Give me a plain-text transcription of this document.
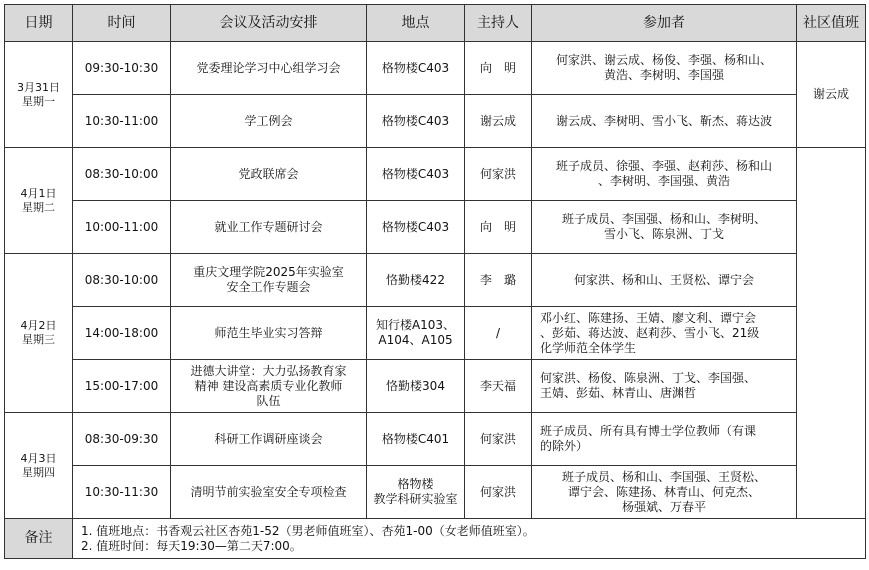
日期	时间	会议及活动安排	地点	主持人	参加者	社区值班	

3月31日
星期一	09:30-10:30	党委理论学习中心组学习会	格物楼C403	向　明	何家洪、谢云成、杨俊、李强、杨和山、
黄浩、李树明、李国强	谢云成	
	10:30-11:00	学工例会	格物楼C403	谢云成	谢云成、李树明、雪小飞、靳杰、蒋达波		

4月1日
星期二	08:30-10:00	党政联席会	格物楼C403	何家洪	班子成员、徐强、李强、赵莉莎、杨和山
、李树明、李国强、黄浩		

	10:00-11:00	就业工作专题研讨会	格物楼C403	向　明	班子成员、李国强、杨和山、李树明、
雪小飞、陈泉洲、丁戈		

4月2日
星期三	08:30-10:00	重庆文理学院2025年实验室
安全工作专题会	恪勤楼422	李　璐	何家洪、杨和山、王贤松、谭宁会		

	14:00-18:00	师范生毕业实习答辩	知行楼A103、
A104、A105	/	邓小红、陈建扬、王婧、廖文利、谭宁会
、彭茹、蒋达波、赵莉莎、雪小飞、21级
化学师范全体学生		

	15:00-17:00	进德大讲堂：大力弘扬教育家
精神 建设高素质专业化教师
队伍	恪勤楼304	李天福	何家洪、杨俊、陈泉洲、丁戈、李国强、
王婧、彭茹、林青山、唐渊哲		

4月3日
星期四	08:30-09:30	科研工作调研座谈会	格物楼C401	何家洪	班子成员、所有具有博士学位教师（有课
的除外）

	10:30-11:30	清明节前实验室安全专项检查	格物楼
教学科研实验室	何家洪	班子成员、杨和山、李国强、王贤松、
谭宁会、陈建扬、林青山、何克杰、
杨强斌、万春平		

备注	1. 值班地点：书香观云社区杏苑1-52（男老师值班室）、杏苑1-00（女老师值班室）。
2. 值班时间：每天19:30—第二天7:00。						
